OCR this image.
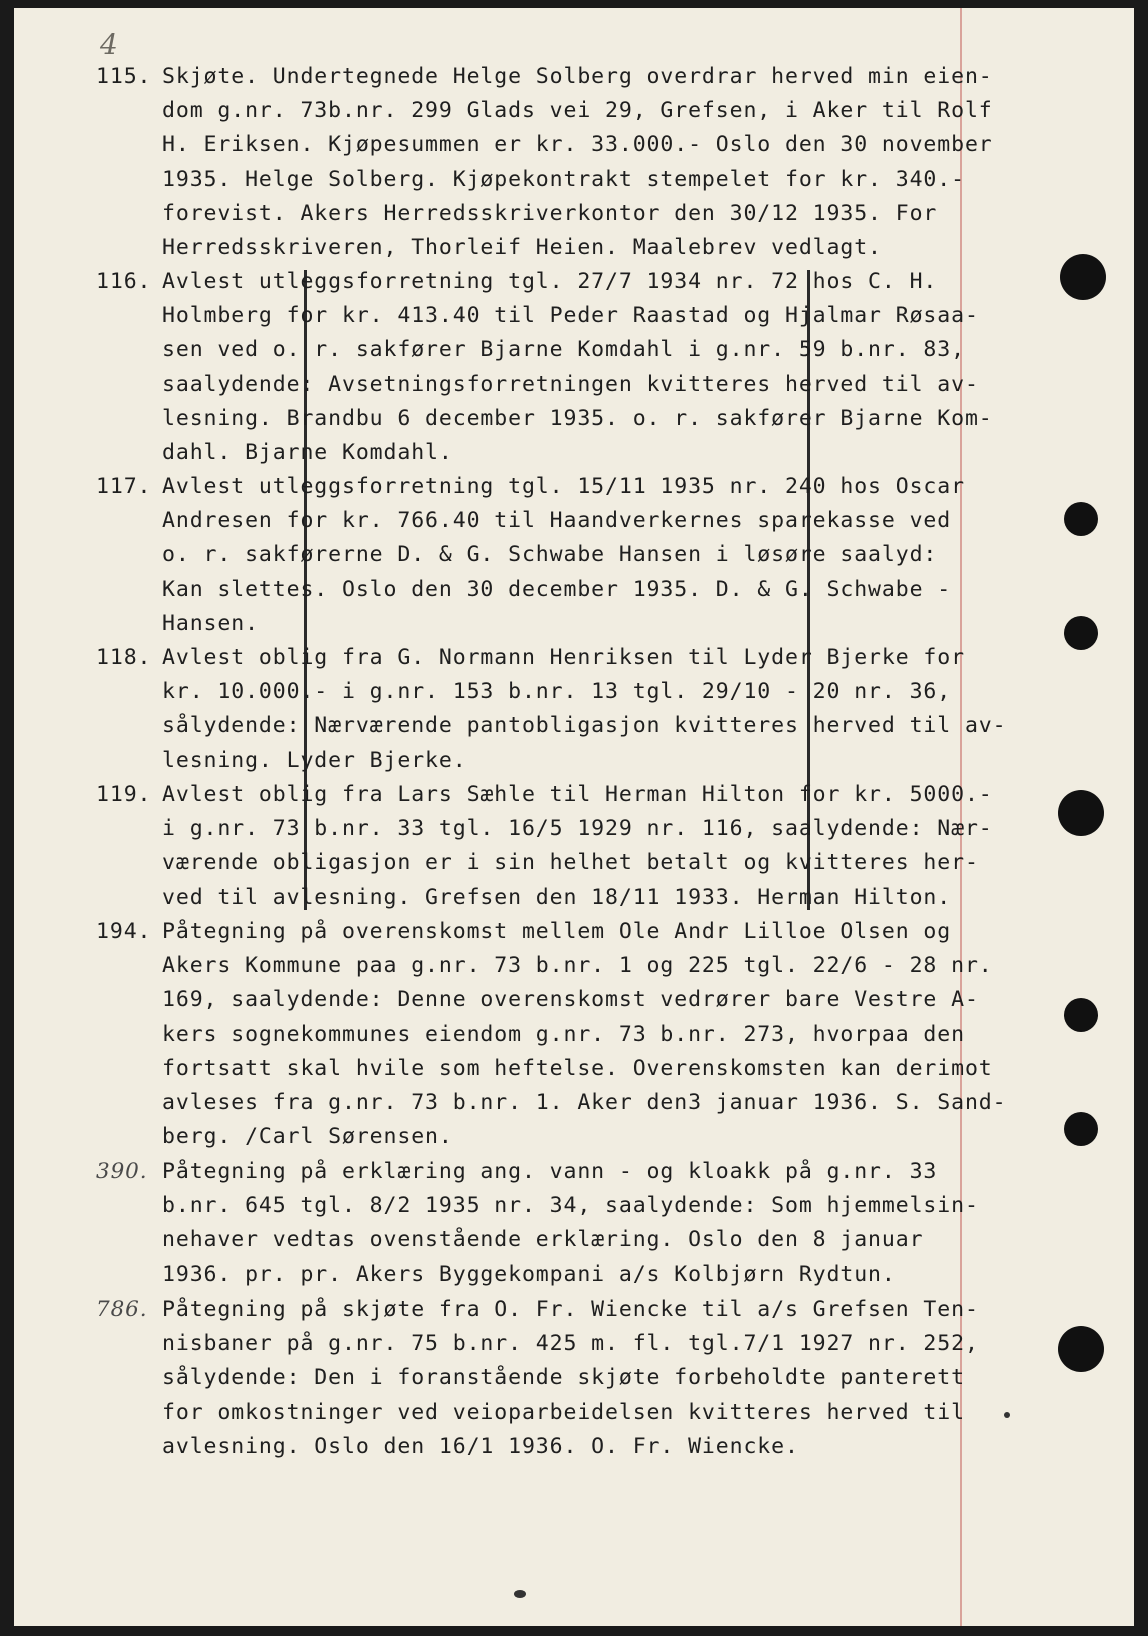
4
115. Skjøte. Undertegnede Helge Solberg overdrar herved min eien-
dom g.nr. 73b.nr. 299 Glads vei 29, Grefsen, i Aker til Rolf
H. Eriksen. Kjøpesummen er kr. 33.000.- Oslo den 30 november
1935. Helge Solberg. Kjøpekontrakt stempelet for kr. 340.-
forevist. Akers Herredsskriverkontor den 30/12 1935. For
Herredsskriveren, Thorleif Heien. Maalebrev vedlagt.
116. Avlest utleggsforretning tgl. 27/7 1934 nr. 72 hos C. H.
Holmberg for kr. 413.40 til Peder Raastad og Hjalmar Røsaa-
sen ved o. r. sakfører Bjarne Komdahl i g.nr. 59 b.nr. 83,
saalydende: Avsetningsforretningen kvitteres herved til av-
lesning. Brandbu 6 december 1935. o. r. sakfører Bjarne Kom-
dahl. Bjarne Komdahl.
117. Avlest utleggsforretning tgl. 15/11 1935 nr. 240 hos Oscar
Andresen for kr. 766.40 til Haandverkernes sparekasse ved
o. r. sakførerne D. & G. Schwabe Hansen i løsøre saalyd:
Kan slettes. Oslo den 30 december 1935. D. & G. Schwabe -
Hansen.
118. Avlest oblig fra G. Normann Henriksen til Lyder Bjerke for
kr. 10.000.- i g.nr. 153 b.nr. 13 tgl. 29/10 - 20 nr. 36,
sålydende: Nærværende pantobligasjon kvitteres herved til av-
lesning. Lyder Bjerke.
119. Avlest oblig fra Lars Sæhle til Herman Hilton for kr. 5000.-
i g.nr. 73 b.nr. 33 tgl. 16/5 1929 nr. 116, saalydende: Nær-
værende obligasjon er i sin helhet betalt og kvitteres her-
ved til avlesning. Grefsen den 18/11 1933. Herman Hilton.
194. Påtegning på overenskomst mellem Ole Andr Lilloe Olsen og
Akers Kommune paa g.nr. 73 b.nr. 1 og 225 tgl. 22/6 - 28 nr.
169, saalydende: Denne overenskomst vedrører bare Vestre A-
kers sognekommunes eiendom g.nr. 73 b.nr. 273, hvorpaa den
fortsatt skal hvile som heftelse. Overenskomsten kan derimot
avleses fra g.nr. 73 b.nr. 1. Aker den3 januar 1936. S. Sand-
berg. /Carl Sørensen.
390. Påtegning på erklæring ang. vann - og kloakk på g.nr. 33
b.nr. 645 tgl. 8/2 1935 nr. 34, saalydende: Som hjemmelsin-
nehaver vedtas ovenstående erklæring. Oslo den 8 januar
1936. pr. pr. Akers Byggekompani a/s Kolbjørn Rydtun.
786. Påtegning på skjøte fra O. Fr. Wiencke til a/s Grefsen Ten-
nisbaner på g.nr. 75 b.nr. 425 m. fl. tgl.7/1 1927 nr. 252,
sålydende: Den i foranstående skjøte forbeholdte panterett
for omkostninger ved veioparbeidelsen kvitteres herved til
avlesning. Oslo den 16/1 1936. O. Fr. Wiencke.
